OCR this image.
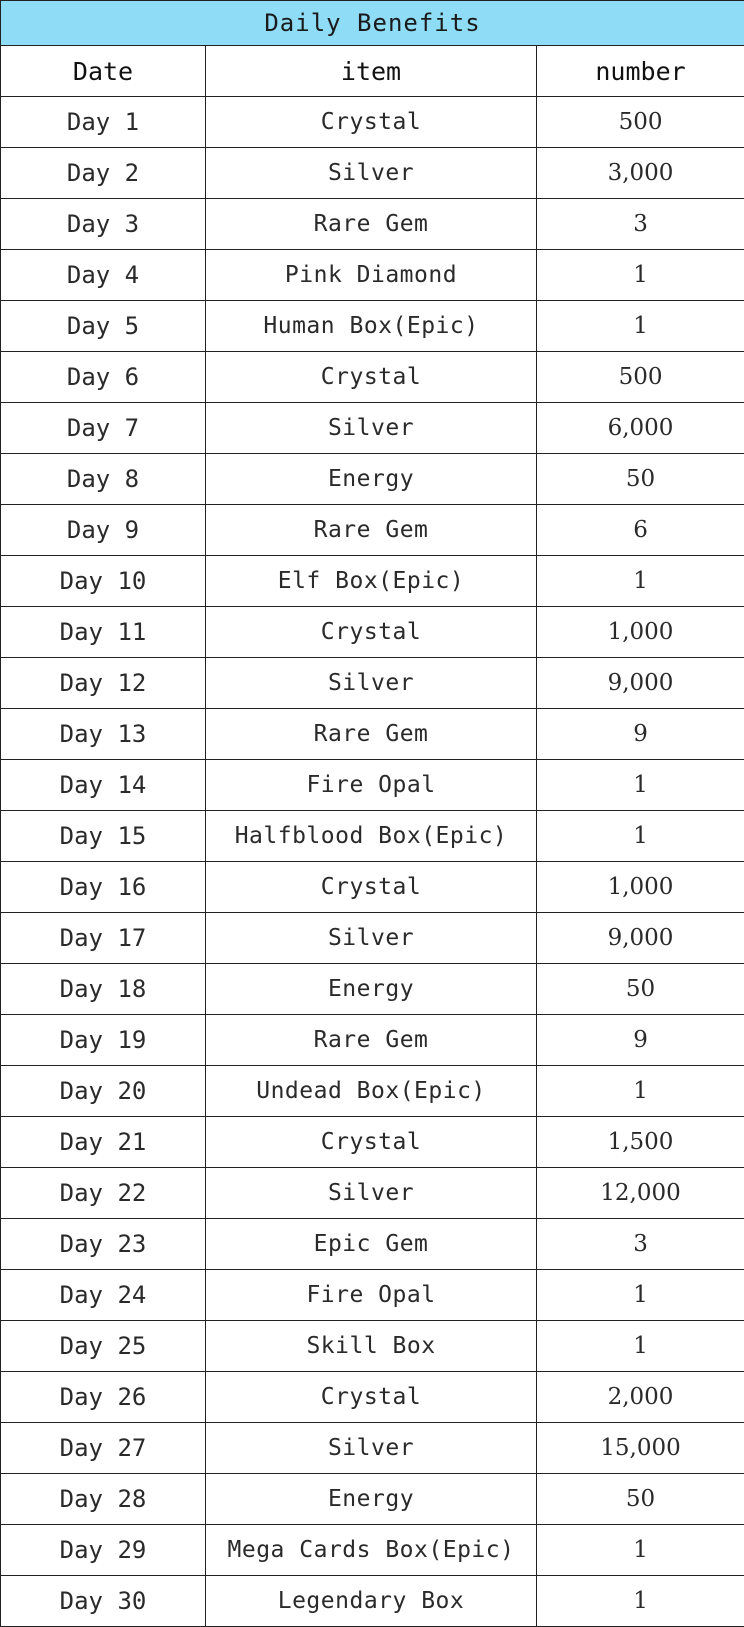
Daily Benefits		
Date	item	number
Day 1	Crystal	500
Day 2	Silver	3,000
Day 3	Rare Gem	3
Day 4	Pink Diamond	1
Day 5	Human Box(Epic)	1
Day 6	Crystal	500
Day 7	Silver	6,000
Day 8	Energy	50
Day 9	Rare Gem	6
Day 10	Elf Box(Epic)	1
Day 11	Crystal	1,000
Day 12	Silver	9,000
Day 13	Rare Gem	9
Day 14	Fire Opal	1
Day 15	Halfblood Box(Epic)	1
Day 16	Crystal	1,000
Day 17	Silver	9,000
Day 18	Energy	50
Day 19	Rare Gem	9
Day 20	Undead Box(Epic)	1
Day 21	Crystal	1,500
Day 22	Silver	12,000
Day 23	Epic Gem	3
Day 24	Fire Opal	1
Day 25	Skill Box	1
Day 26	Crystal	2,000
Day 27	Silver	15,000
Day 28	Energy	50
Day 29	Mega Cards Box(Epic)	1
Day 30	Legendary Box	1
